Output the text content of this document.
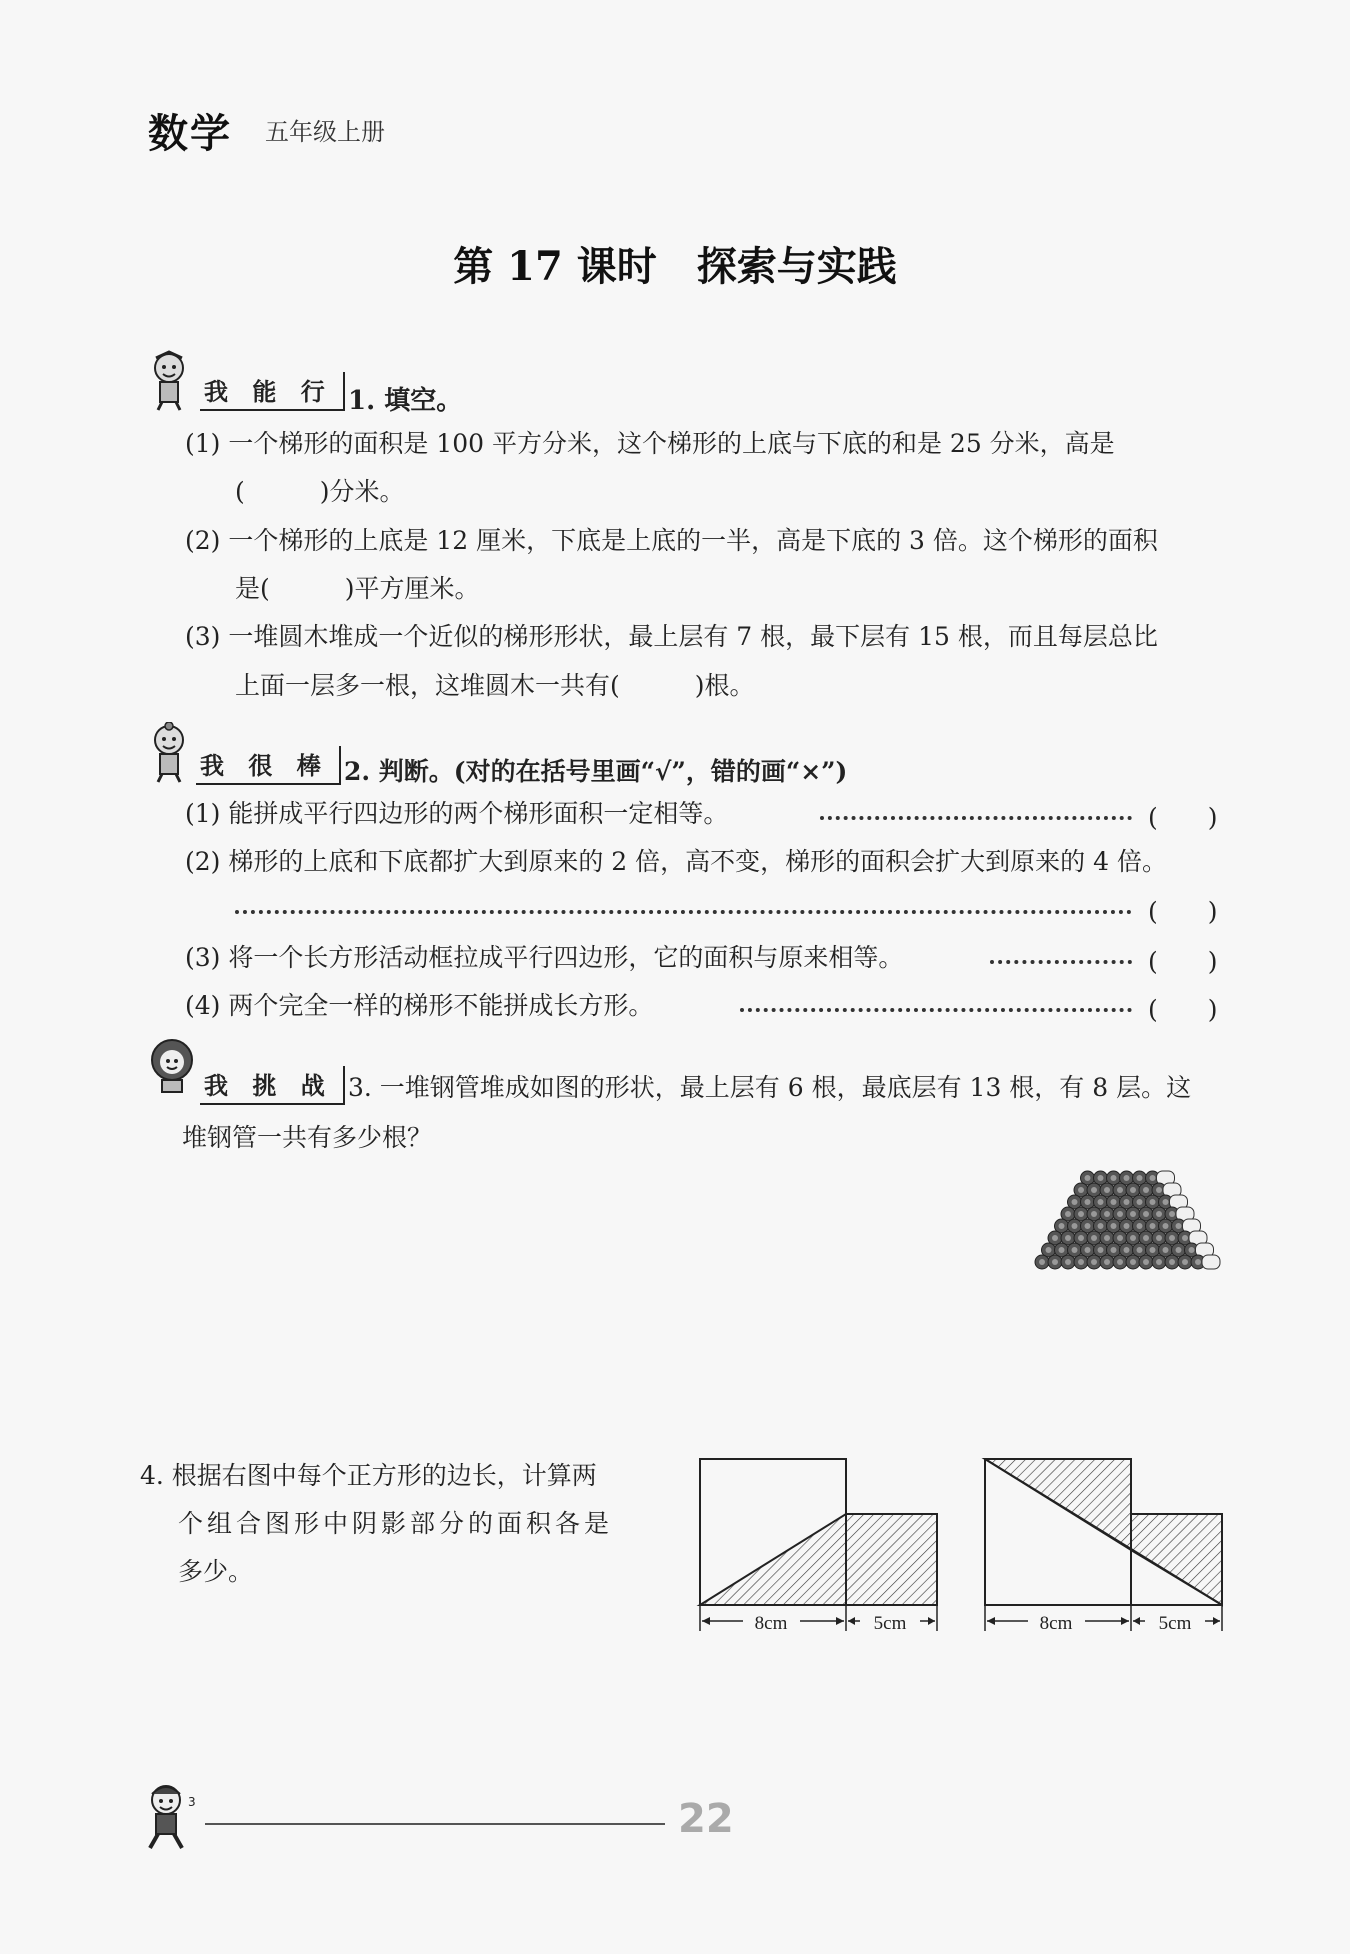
数学 五年级上册
第 17 课时　探索与实践
我 能 行 1. 填空。
(1) 一个梯形的面积是 100 平方分米，这个梯形的上底与下底的和是 25 分米，高是
(　　　)分米。
(2) 一个梯形的上底是 12 厘米，下底是上底的一半，高是下底的 3 倍。这个梯形的面积
是(　　　)平方厘米。
(3) 一堆圆木堆成一个近似的梯形形状，最上层有 7 根，最下层有 15 根，而且每层总比
上面一层多一根，这堆圆木一共有(　　　)根。
我 很 棒 2. 判断。(对的在括号里画“√”，错的画“×”)
(1) 能拼成平行四边形的两个梯形面积一定相等。	(　　)
(2) 梯形的上底和下底都扩大到原来的 2 倍，高不变，梯形的面积会扩大到原来的 4 倍。
(　　)
(3) 将一个长方形活动框拉成平行四边形，它的面积与原来相等。	(　　)
(4) 两个完全一样的梯形不能拼成长方形。	(　　)
我 挑 战 3. 一堆钢管堆成如图的形状，最上层有 6 根，最底层有 13 根，有 8 层。这
堆钢管一共有多少根？
4. 根据右图中每个正方形的边长，计算两
个组合图形中阴影部分的面积各是
多少。
8cm	5cm	8cm	5cm
3	22
